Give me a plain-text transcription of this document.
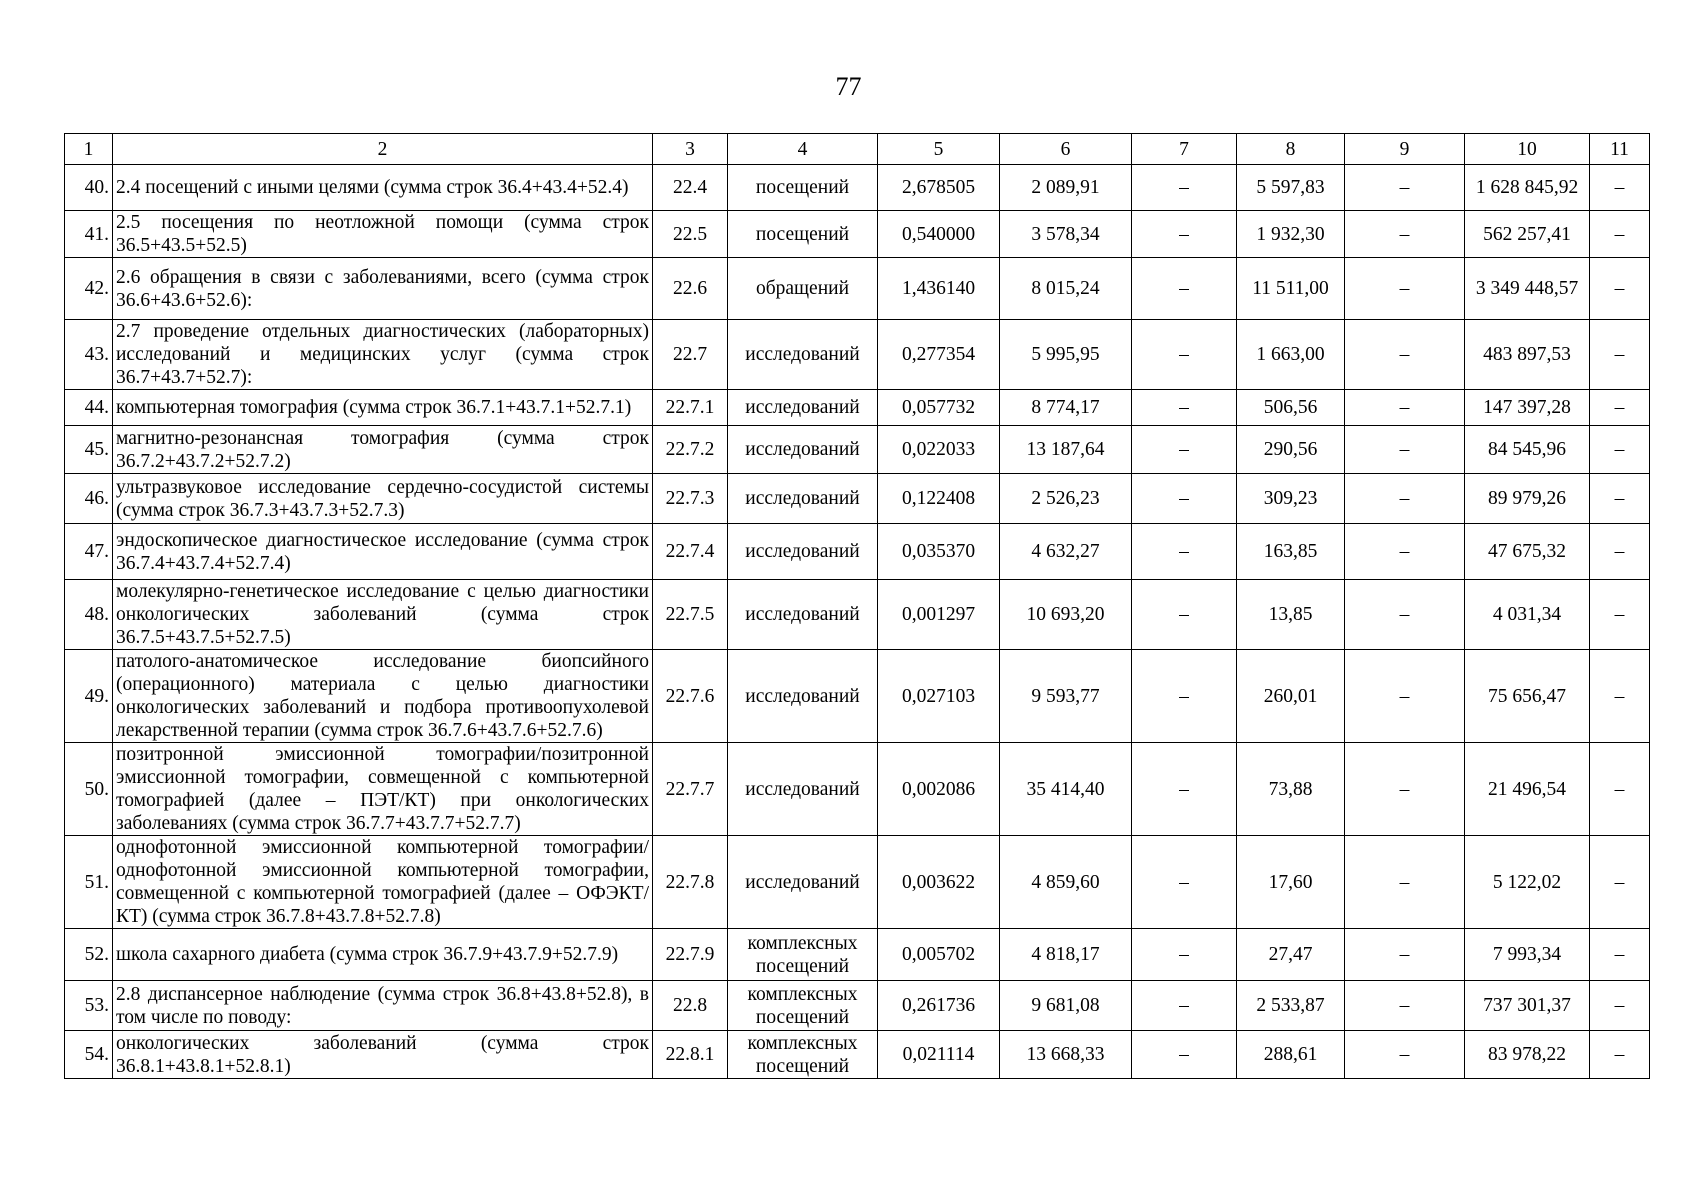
77
1	2	3	4	5	6	7	8	9	10	11
40.	2.4 посещений с иными целями (сумма строк 36.4+43.4+52.4)	22.4	посещений	2,678505	2 089,91	–	5 597,83	–	1 628 845,92	–
41.	2.5 посещения по неотложной помощи (сумма строк 36.5+43.5+52.5)	22.5	посещений	0,540000	3 578,34	–	1 932,30	–	562 257,41	–
42.	2.6 обращения в связи с заболеваниями, всего (сумма строк 36.6+43.6+52.6):	22.6	обращений	1,436140	8 015,24	–	11 511,00	–	3 349 448,57	–
43.	2.7 проведение отдельных диагностических (лабораторных) исследований и медицинских услуг (сумма строк 36.7+43.7+52.7):	22.7	исследований	0,277354	5 995,95	–	1 663,00	–	483 897,53	–
44.	компьютерная томография (сумма строк 36.7.1+43.7.1+52.7.1)	22.7.1	исследований	0,057732	8 774,17	–	506,56	–	147 397,28	–
45.	магнитно-резонансная томография (сумма строк 36.7.2+43.7.2+52.7.2)	22.7.2	исследований	0,022033	13 187,64	–	290,56	–	84 545,96	–
46.	ультразвуковое исследование сердечно-сосудистой системы (сумма строк 36.7.3+43.7.3+52.7.3)	22.7.3	исследований	0,122408	2 526,23	–	309,23	–	89 979,26	–
47.	эндоскопическое диагностическое исследование (сумма строк 36.7.4+43.7.4+52.7.4)	22.7.4	исследований	0,035370	4 632,27	–	163,85	–	47 675,32	–
48.	молекулярно-генетическое исследование с целью диагностики онкологических заболеваний (сумма строк 36.7.5+43.7.5+52.7.5)	22.7.5	исследований	0,001297	10 693,20	–	13,85	–	4 031,34	–
49.	патолого-анатомическое исследование биопсийного (операционного) материала с целью диагностики онкологических заболеваний и подбора противоопухолевой лекарственной терапии (сумма строк 36.7.6+43.7.6+52.7.6)	22.7.6	исследований	0,027103	9 593,77	–	260,01	–	75 656,47	–
50.	позитронной эмиссионной томографии/позитронной эмиссионной томографии, совмещенной с компьютерной томографией (далее – ПЭТ/КТ) при онкологических заболеваниях (сумма строк 36.7.7+43.7.7+52.7.7)	22.7.7	исследований	0,002086	35 414,40	–	73,88	–	21 496,54	–
51.	однофотонной эмиссионной компьютерной томографии/однофотонной эмиссионной компьютерной томографии, совмещенной с компьютерной томографией (далее – ОФЭКТ/КТ) (сумма строк 36.7.8+43.7.8+52.7.8)	22.7.8	исследований	0,003622	4 859,60	–	17,60	–	5 122,02	–
52.	школа сахарного диабета (сумма строк 36.7.9+43.7.9+52.7.9)	22.7.9	комплексных посещений	0,005702	4 818,17	–	27,47	–	7 993,34	–
53.	2.8 диспансерное наблюдение (сумма строк 36.8+43.8+52.8), в том числе по поводу:	22.8	комплексных посещений	0,261736	9 681,08	–	2 533,87	–	737 301,37	–
54.	онкологических заболеваний (сумма строк 36.8.1+43.8.1+52.8.1)	22.8.1	комплексных посещений	0,021114	13 668,33	–	288,61	–	83 978,22	–
